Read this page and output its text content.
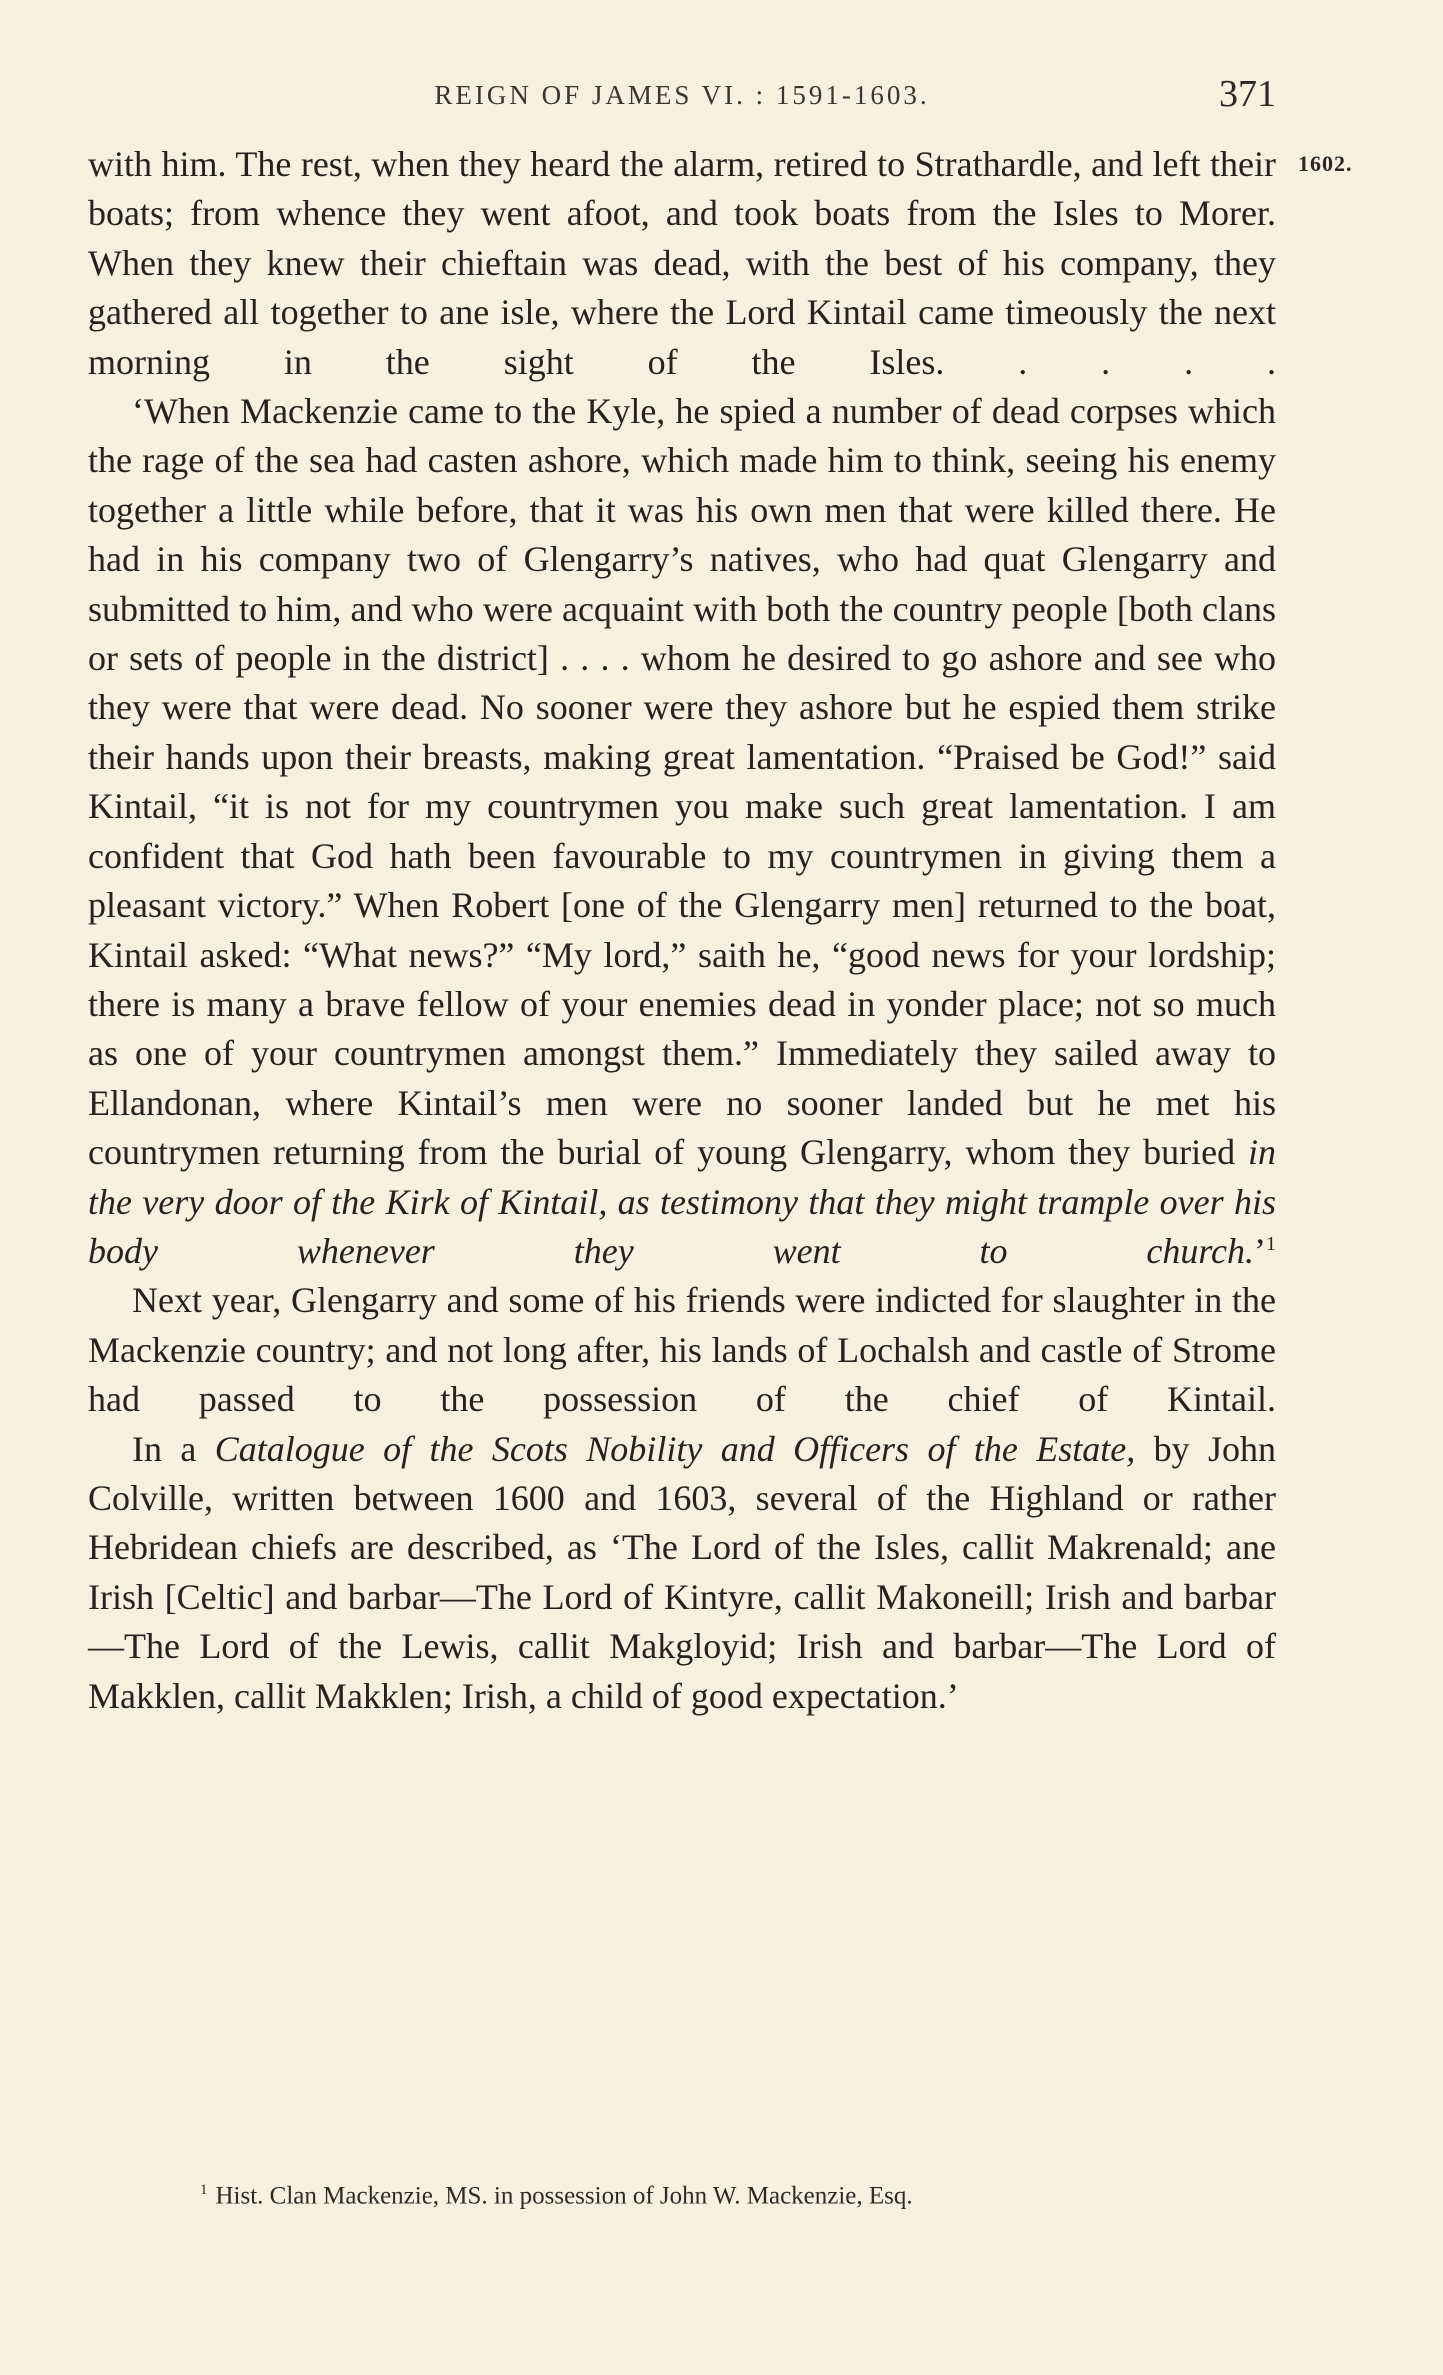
REIGN OF JAMES VI. : 1591-1603.	371
1602.

with him. The rest, when they heard the alarm, retired to Strathardle, and left their boats; from whence they went afoot, and took boats from the Isles to Morer. When they knew their chieftain was dead, with the best of his company, they gathered all together to ane isle, where the Lord Kintail came timeously the next morning in the sight of the Isles. . . . .

‘When Mackenzie came to the Kyle, he spied a number of dead corpses which the rage of the sea had casten ashore, which made him to think, seeing his enemy together a little while before, that it was his own men that were killed there. He had in his company two of Glengarry’s natives, who had quat Glengarry and submitted to him, and who were acquaint with both the country people [both clans or sets of people in the district] . . . . whom he desired to go ashore and see who they were that were dead. No sooner were they ashore but he espied them strike their hands upon their breasts, making great lamentation. “Praised be God!” said Kintail, “it is not for my countrymen you make such great lamentation. I am confident that God hath been favourable to my countrymen in giving them a pleasant victory.” When Robert [one of the Glengarry men] returned to the boat, Kintail asked: “What news?” “My lord,” saith he, “good news for your lordship; there is many a brave fellow of your enemies dead in yonder place; not so much as one of your countrymen amongst them.” Immediately they sailed away to Ellandonan, where Kintail’s men were no sooner landed but he met his countrymen returning from the burial of young Glengarry, whom they buried in the very door of the Kirk of Kintail, as testimony that they might trample over his body whenever they went to church.’$^1$

Next year, Glengarry and some of his friends were indicted for slaughter in the Mackenzie country; and not long after, his lands of Lochalsh and castle of Strome had passed to the possession of the chief of Kintail.

In a Catalogue of the Scots Nobility and Officers of the Estate, by John Colville, written between 1600 and 1603, several of the Highland or rather Hebridean chiefs are described, as ‘The Lord of the Isles, callit Makrenald; ane Irish [Celtic] and barbar—The Lord of Kintyre, callit Makoneill; Irish and barbar—The Lord of the Lewis, callit Makgloyid; Irish and barbar—The Lord of Makklen, callit Makklen; Irish, a child of good expectation.’

$^1$ Hist. Clan Mackenzie, MS. in possession of John W. Mackenzie, Esq.
